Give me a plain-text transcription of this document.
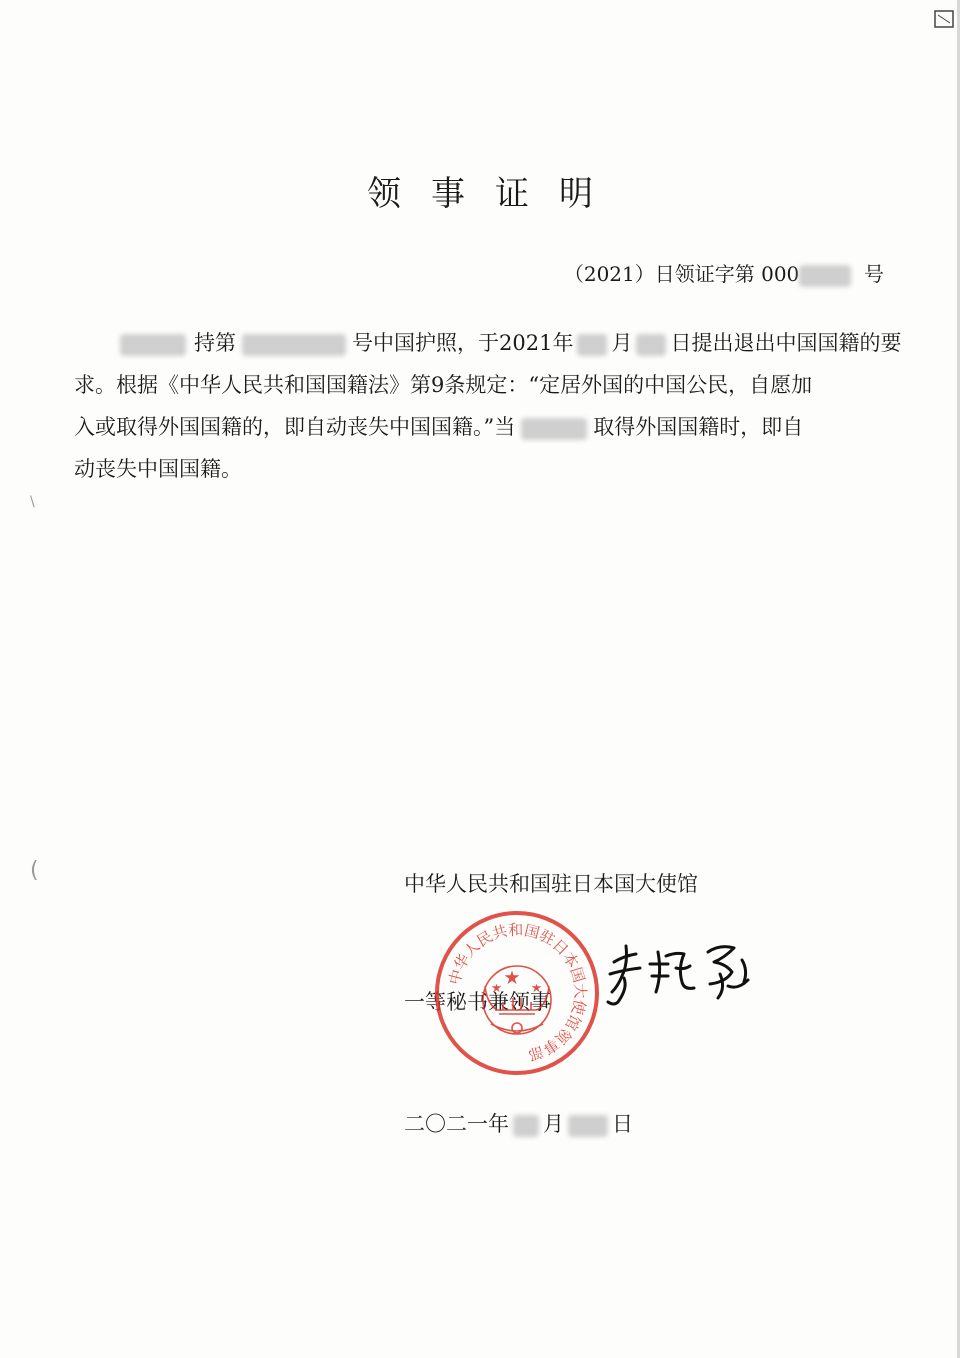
\
(
领事证明
（2021）日领证字第 000	号
持第	号中国护照，于2021年 月 日提出退出中国国籍的要
求。根据《中华人民共和国国籍法》第9条规定：“定居外国的中国公民，自愿加
入或取得外国国籍的，即自动丧失中国国籍。”当	取得外国国籍时，即自
动丧失中国国籍。
中华人民共和国驻日本国大使馆
一等秘书兼领事
二〇二一年 月 日
中华人民共和国驻日本国大使馆领事部
